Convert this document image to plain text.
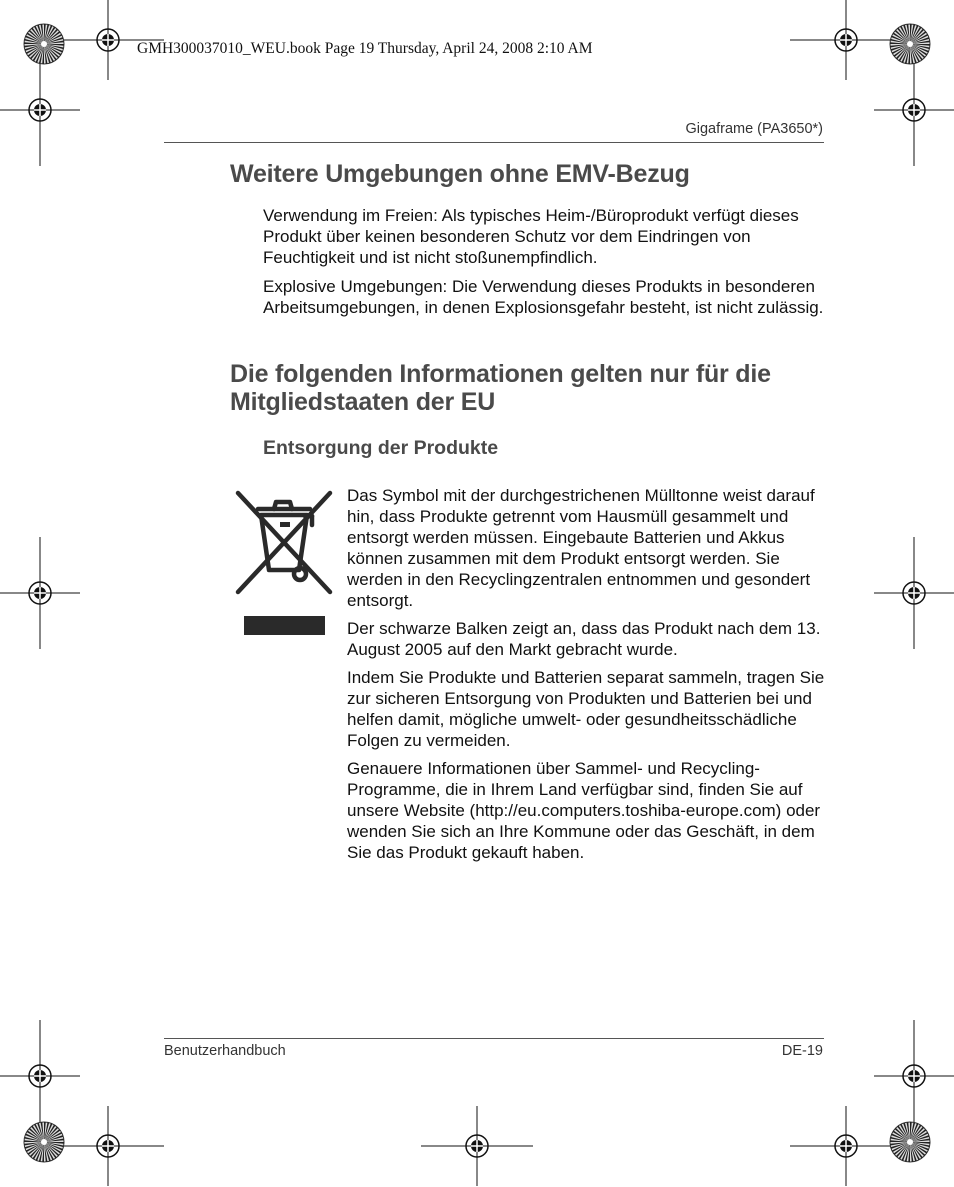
GMH300037010_WEU.book Page 19 Thursday, April 24, 2008 2:10 AM
Gigaframe (PA3650*)
Weitere Umgebungen ohne EMV-Bezug

Verwendung im Freien: Als typisches Heim-/Büroprodukt verfügt dieses Produkt über keinen besonderen Schutz vor dem Eindringen von Feuchtigkeit und ist nicht stoßunempfindlich.

Explosive Umgebungen: Die Verwendung dieses Produkts in besonderen Arbeitsumgebungen, in denen Explosionsgefahr besteht, ist nicht zulässig.

Die folgenden Informationen gelten nur für die Mitgliedstaaten der EU
Entsorgung der Produkte

Das Symbol mit der durchgestrichenen Mülltonne weist darauf hin, dass Produkte getrennt vom Hausmüll gesammelt und entsorgt werden müssen. Eingebaute Batterien und Akkus können zusammen mit dem Produkt entsorgt werden. Sie werden in den Recyclingzentralen entnommen und gesondert entsorgt.

Der schwarze Balken zeigt an, dass das Produkt nach dem 13. August 2005 auf den Markt gebracht wurde.

Indem Sie Produkte und Batterien separat sammeln, tragen Sie zur sicheren Entsorgung von Produkten und Batterien bei und helfen damit, mögliche umwelt- oder gesundheitsschädliche Folgen zu vermeiden.

Genauere Informationen über Sammel- und Recycling-Programme, die in Ihrem Land verfügbar sind, finden Sie auf unsere Website (http://eu.computers.toshiba-europe.com) oder wenden Sie sich an Ihre Kommune oder das Geschäft, in dem Sie das Produkt gekauft haben.

Benutzerhandbuch	DE-19
